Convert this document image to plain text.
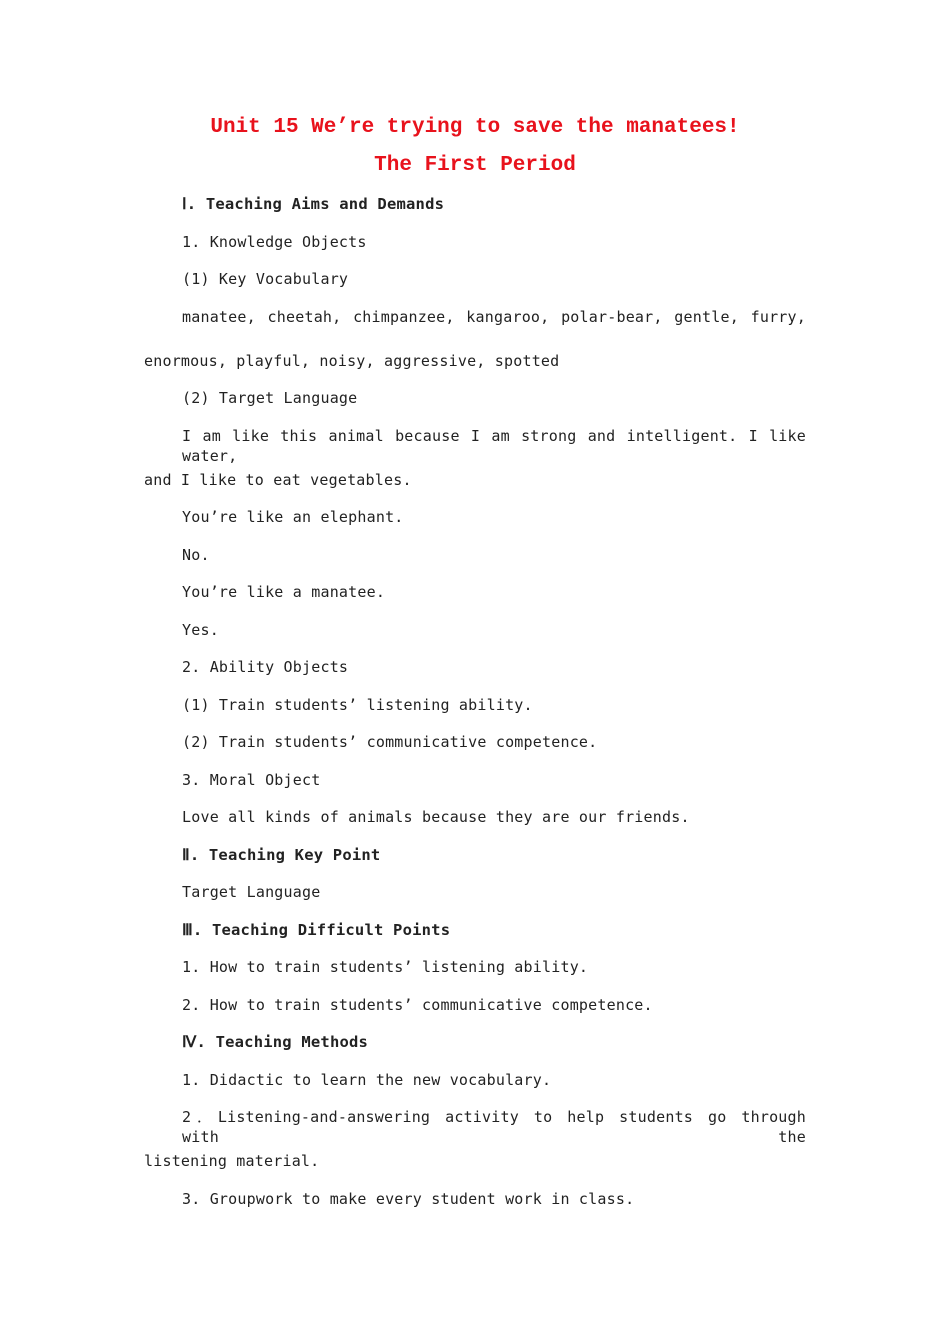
Unit 15 We’re trying to save the manatees!
The First Period
Ⅰ. Teaching Aims and Demands
1. Knowledge Objects
(1) Key Vocabulary
manatee, cheetah, chimpanzee, kangaroo, polar-bear, gentle, furry,
enormous, playful, noisy, aggressive, spotted
(2) Target Language
I am like this animal because I am strong and intelligent. I like water,
and I like to eat vegetables.
You’re like an elephant.
No.
You’re like a manatee.
Yes.
2. Ability Objects
(1) Train students’ listening ability.
(2) Train students’ communicative competence.
3. Moral Object
Love all kinds of animals because they are our friends.
Ⅱ. Teaching Key Point
Target Language
Ⅲ. Teaching Difficult Points
1. How to train students’ listening ability.
2. How to train students’ communicative competence.
Ⅳ. Teaching Methods
1. Didactic to learn the new vocabulary.
2．Listening-and-answering activity to help students go through with the
listening material.
3. Groupwork to make every student work in class.
